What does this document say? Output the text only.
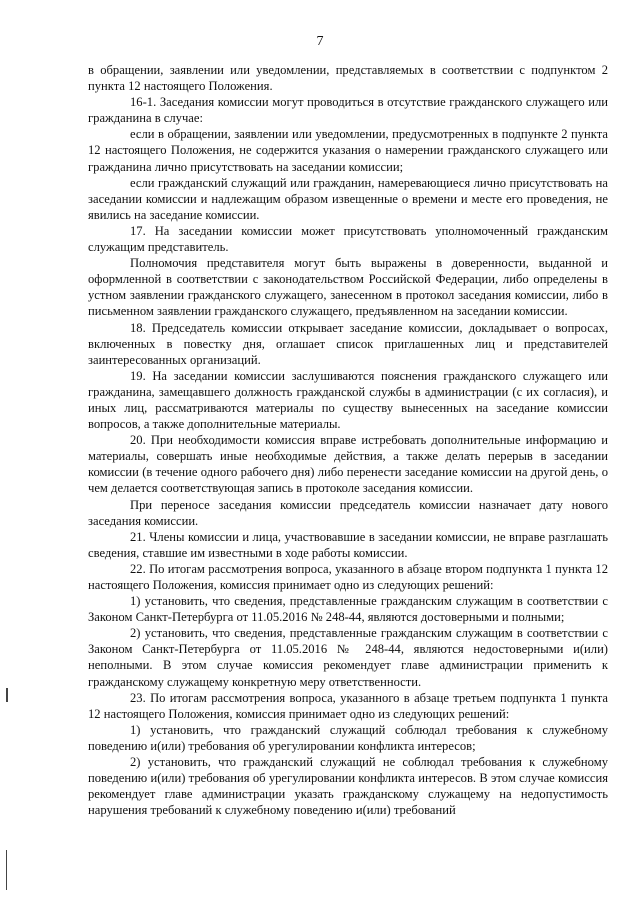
7

в обращении, заявлении или уведомлении, представляемых в соответствии с подпунктом 2 пункта 12 настоящего Положения.

16-1. Заседания комиссии могут проводиться в отсутствие гражданского служащего или гражданина в случае:

если в обращении, заявлении или уведомлении, предусмотренных в подпункте 2 пункта 12 настоящего Положения, не содержится указания о намерении гражданского служащего или гражданина лично присутствовать на заседании комиссии;

если гражданский служащий или гражданин, намеревающиеся лично присутствовать на заседании комиссии и надлежащим образом извещенные о времени и месте его проведения, не явились на заседание комиссии.

17. На заседании комиссии может присутствовать уполномоченный гражданским служащим представитель.

Полномочия представителя могут быть выражены в доверенности, выданной и оформленной в соответствии с законодательством Российской Федерации, либо определены в устном заявлении гражданского служащего, занесенном в протокол заседания комиссии, либо в письменном заявлении гражданского служащего, предъявленном на заседании комиссии.

18. Председатель комиссии открывает заседание комиссии, докладывает о вопросах, включенных в повестку дня, оглашает список приглашенных лиц и представителей заинтересованных организаций.

19. На заседании комиссии заслушиваются пояснения гражданского служащего или гражданина, замещавшего должность гражданской службы в администрации (с их согласия), и иных лиц, рассматриваются материалы по существу вынесенных на заседание комиссии вопросов, а также дополнительные материалы.

20. При необходимости комиссия вправе истребовать дополнительные информацию и материалы, совершать иные необходимые действия, а также делать перерыв в заседании комиссии (в течение одного рабочего дня) либо перенести заседание комиссии на другой день, о чем делается соответствующая запись в протоколе заседания комиссии.

При переносе заседания комиссии председатель комиссии назначает дату нового заседания комиссии.

21. Члены комиссии и лица, участвовавшие в заседании комиссии, не вправе разглашать сведения, ставшие им известными в ходе работы комиссии.

22. По итогам рассмотрения вопроса, указанного в абзаце втором подпункта 1 пункта 12 настоящего Положения, комиссия принимает одно из следующих решений:

1) установить, что сведения, представленные гражданским служащим в соответствии с Законом Санкт-Петербурга от 11.05.2016 № 248-44, являются достоверными и полными;

2) установить, что сведения, представленные гражданским служащим в соответствии с Законом Санкт-Петербурга от 11.05.2016 № 248-44, являются недостоверными и(или) неполными. В этом случае комиссия рекомендует главе администрации применить к гражданскому служащему конкретную меру ответственности.

23. По итогам рассмотрения вопроса, указанного в абзаце третьем подпункта 1 пункта 12 настоящего Положения, комиссия принимает одно из следующих решений:

1) установить, что гражданский служащий соблюдал требования к служебному поведению и(или) требования об урегулировании конфликта интересов;

2) установить, что гражданский служащий не соблюдал требования к служебному поведению и(или) требования об урегулировании конфликта интересов. В этом случае комиссия рекомендует главе администрации указать гражданскому служащему на недопустимость нарушения требований к служебному поведению и(или) требований
